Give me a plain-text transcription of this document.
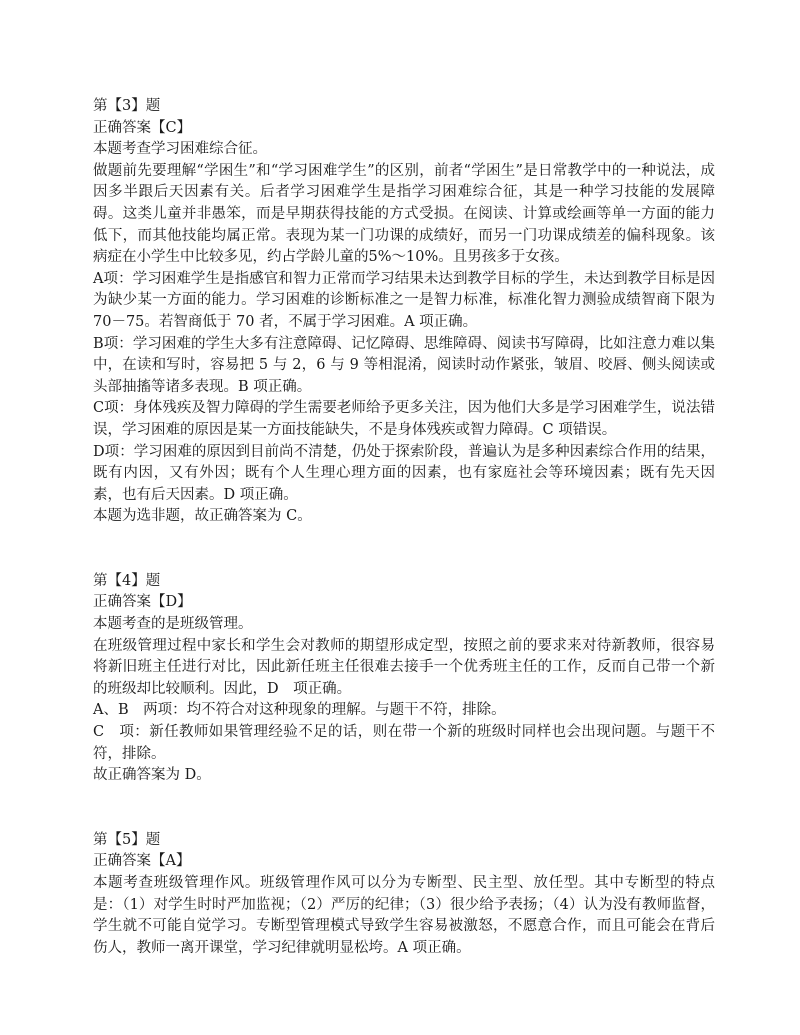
第【3】题
正确答案【C】
本题考查学习困难综合征。
做题前先要理解“学困生”和“学习困难学生”的区别，前者“学困生”是日常教学中的一种说法，成因多半跟后天因素有关。后者学习困难学生是指学习困难综合征，其是一种学习技能的发展障碍。这类儿童并非愚笨，而是早期获得技能的方式受损。在阅读、计算或绘画等单一方面的能力低下，而其他技能均属正常。表现为某一门功课的成绩好，而另一门功课成绩差的偏科现象。该病症在小学生中比较多见，约占学龄儿童的5%～10%。且男孩多于女孩。
A项：学习困难学生是指感官和智力正常而学习结果未达到教学目标的学生，未达到教学目标是因为缺少某一方面的能力。学习困难的诊断标准之一是智力标准，标准化智力测验成绩智商下限为 70－75。若智商低于 70 者，不属于学习困难。A 项正确。
B项：学习困难的学生大多有注意障碍、记忆障碍、思维障碍、阅读书写障碍，比如注意力难以集中，在读和写时，容易把 5 与 2，6 与 9 等相混淆，阅读时动作紧张，皱眉、咬唇、侧头阅读或头部抽搐等诸多表现。B 项正确。
C项：身体残疾及智力障碍的学生需要老师给予更多关注，因为他们大多是学习困难学生，说法错误，学习困难的原因是某一方面技能缺失，不是身体残疾或智力障碍。C 项错误。
D项：学习困难的原因到目前尚不清楚，仍处于探索阶段，普遍认为是多种因素综合作用的结果，既有内因，又有外因；既有个人生理心理方面的因素，也有家庭社会等环境因素；既有先天因素，也有后天因素。D 项正确。
本题为选非题，故正确答案为 C。
第【4】题
正确答案【D】
本题考查的是班级管理。
在班级管理过程中家长和学生会对教师的期望形成定型，按照之前的要求来对待新教师，很容易将新旧班主任进行对比，因此新任班主任很难去接手一个优秀班主任的工作，反而自己带一个新的班级却比较顺利。因此，D　项正确。
A、B　两项：均不符合对这种现象的理解。与题干不符，排除。
C　项：新任教师如果管理经验不足的话，则在带一个新的班级时同样也会出现问题。与题干不符，排除。
故正确答案为 D。
第【5】题
正确答案【A】
本题考查班级管理作风。班级管理作风可以分为专断型、民主型、放任型。其中专断型的特点是：（1）对学生时时严加监视；（2）严厉的纪律；（3）很少给予表扬；（4）认为没有教师监督，学生就不可能自觉学习。专断型管理模式导致学生容易被激怒，不愿意合作，而且可能会在背后伤人，教师一离开课堂，学习纪律就明显松垮。A 项正确。
